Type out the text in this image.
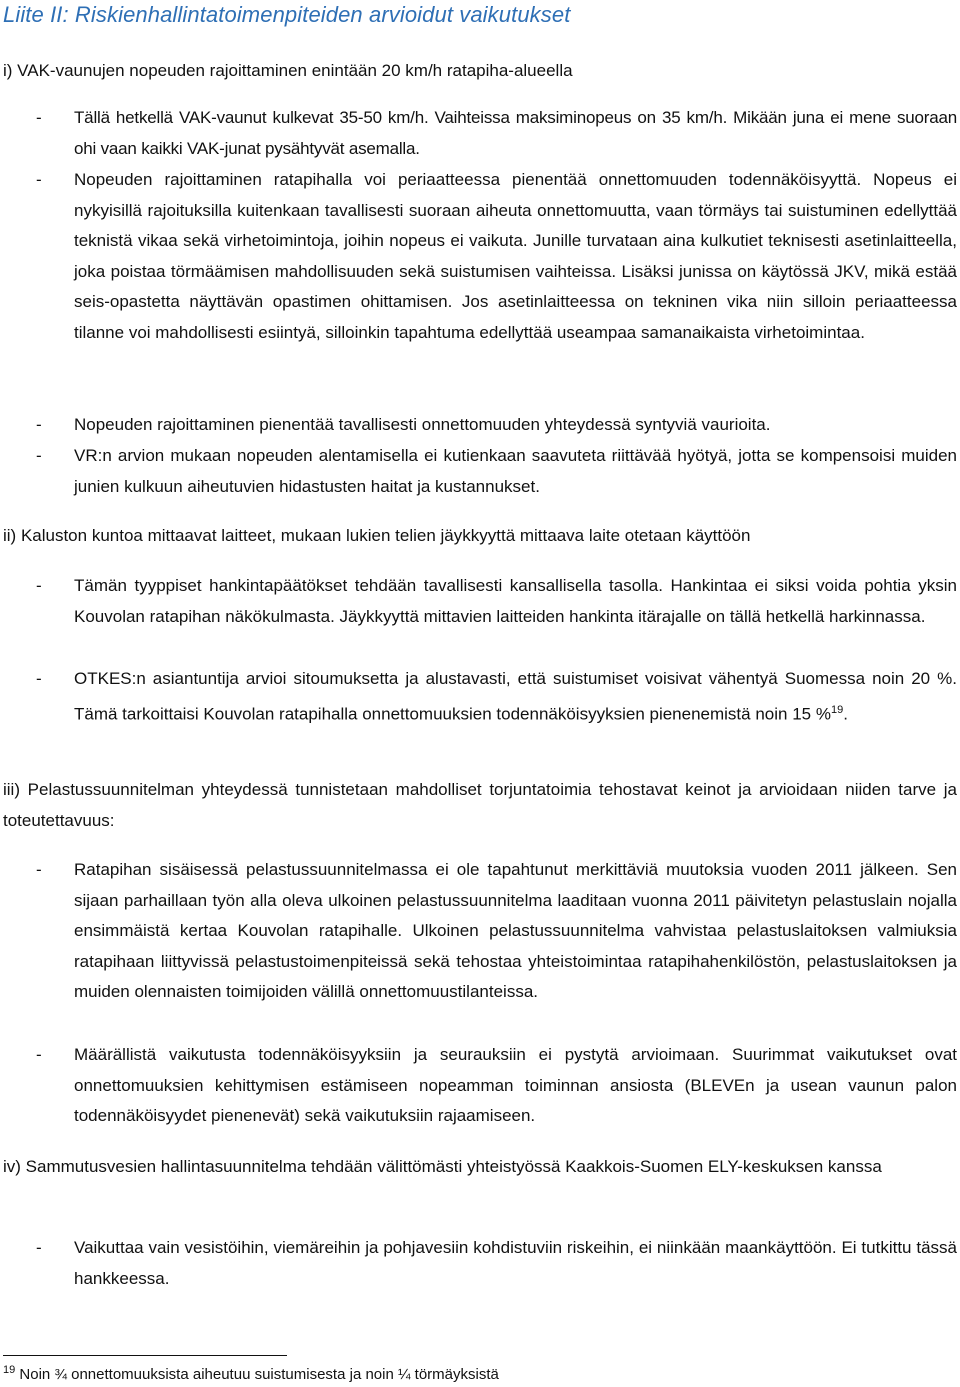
Liite II: Riskienhallintatoimenpiteiden arvioidut vaikutukset
i) VAK-vaunujen nopeuden rajoittaminen enintään 20 km/h ratapiha-alueella
- Tällä hetkellä VAK-vaunut kulkevat 35-50 km/h. Vaihteissa maksiminopeus on 35 km/h. Mikään juna ei mene suoraan ohi vaan kaikki VAK-junat pysähtyvät asemalla.
- Nopeuden rajoittaminen ratapihalla voi periaatteessa pienentää onnettomuuden todennäköisyyttä. Nopeus ei nykyisillä rajoituksilla kuitenkaan tavallisesti suoraan aiheuta onnettomuutta, vaan törmäys tai suistuminen edellyttää teknistä vikaa sekä virhetoimintoja, joihin nopeus ei vaikuta. Junille turvataan aina kulkutiet teknisesti asetinlaitteella, joka poistaa törmäämisen mahdollisuuden sekä suistumisen vaihteissa. Lisäksi junissa on käytössä JKV, mikä estää seis-opastetta näyttävän opastimen ohittamisen. Jos asetinlaitteessa on tekninen vika niin silloin periaatteessa tilanne voi mahdollisesti esiintyä, silloinkin tapahtuma edellyttää useampaa samanaikaista virhetoimintaa.
- Nopeuden rajoittaminen pienentää tavallisesti onnettomuuden yhteydessä syntyviä vaurioita.
- VR:n arvion mukaan nopeuden alentamisella ei kutienkaan saavuteta riittävää hyötyä, jotta se kompensoisi muiden junien kulkuun aiheutuvien hidastusten haitat ja kustannukset.
ii) Kaluston kuntoa mittaavat laitteet, mukaan lukien telien jäykkyyttä mittaava laite otetaan käyttöön
- Tämän tyyppiset hankintapäätökset tehdään tavallisesti kansallisella tasolla. Hankintaa ei siksi voida pohtia yksin Kouvolan ratapihan näkökulmasta. Jäykkyyttä mittavien laitteiden hankinta itärajalle on tällä hetkellä harkinnassa.
- OTKES:n asiantuntija arvioi sitoumuksetta ja alustavasti, että suistumiset voisivat vähentyä Suomessa noin 20 %. Tämä tarkoittaisi Kouvolan ratapihalla onnettomuuksien todennäköisyyksien pienenemistä noin 15 %$^{19}$.
iii) Pelastussuunnitelman yhteydessä tunnistetaan mahdolliset torjuntatoimia tehostavat keinot ja arvioidaan niiden tarve ja toteutettavuus:
- Ratapihan sisäisessä pelastussuunnitelmassa ei ole tapahtunut merkittäviä muutoksia vuoden 2011 jälkeen. Sen sijaan parhaillaan työn alla oleva ulkoinen pelastussuunnitelma laaditaan vuonna 2011 päivitetyn pelastuslain nojalla ensimmäistä kertaa Kouvolan ratapihalle. Ulkoinen pelastussuunnitelma vahvistaa pelastuslaitoksen valmiuksia ratapihaan liittyvissä pelastustoimenpiteissä sekä tehostaa yhteistoimintaa ratapihahenkilöstön, pelastuslaitoksen ja muiden olennaisten toimijoiden välillä onnettomuustilanteissa.
- Määrällistä vaikutusta todennäköisyyksiin ja seurauksiin ei pystytä arvioimaan. Suurimmat vaikutukset ovat onnettomuuksien kehittymisen estämiseen nopeamman toiminnan ansiosta (BLEVEn ja usean vaunun palon todennäköisyydet pienenevät) sekä vaikutuksiin rajaamiseen.
iv) Sammutusvesien hallintasuunnitelma tehdään välittömästi yhteistyössä Kaakkois-Suomen ELY-keskuksen kanssa
- Vaikuttaa vain vesistöihin, viemäreihin ja pohjavesiin kohdistuviin riskeihin, ei niinkään maankäyttöön. Ei tutkittu tässä hankkeessa.
$^{19}$ Noin ¾ onnettomuuksista aiheutuu suistumisesta ja noin ¼ törmäyksistä
